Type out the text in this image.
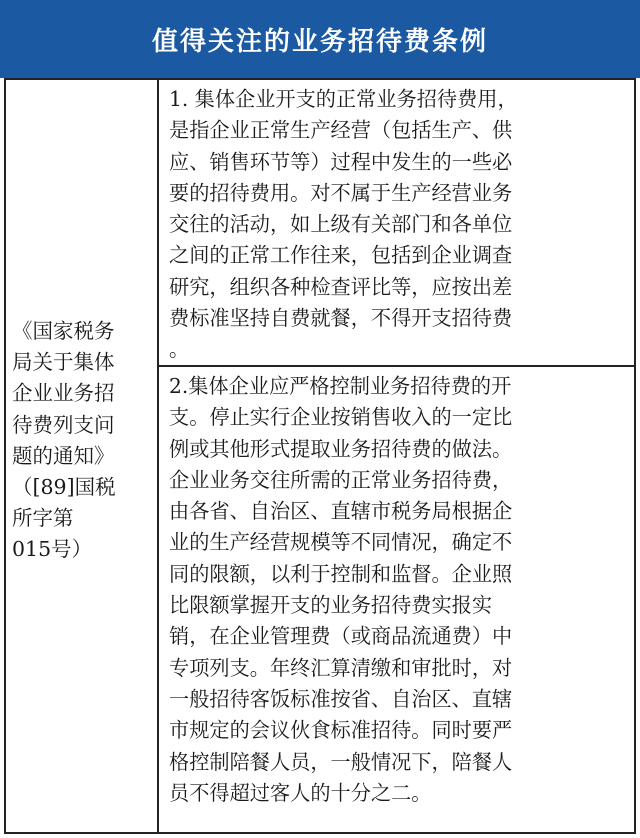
值得关注的业务招待费条例
《国家税务
局关于集体
企业业务招
待费列支问
题的通知》
（[89]国税
所字第
015号）
1. 集体企业开支的正常业务招待费用，
是指企业正常生产经营（包括生产、供
应、销售环节等）过程中发生的一些必
要的招待费用。对不属于生产经营业务
交往的活动，如上级有关部门和各单位
之间的正常工作往来，包括到企业调查
研究，组织各种检查评比等，应按出差
费标准坚持自费就餐，不得开支招待费
。
2.集体企业应严格控制业务招待费的开
支。停止实行企业按销售收入的一定比
例或其他形式提取业务招待费的做法。
企业业务交往所需的正常业务招待费，
由各省、自治区、直辖市税务局根据企
业的生产经营规模等不同情况，确定不
同的限额，以利于控制和监督。企业照
比限额掌握开支的业务招待费实报实
销，在企业管理费（或商品流通费）中
专项列支。年终汇算清缴和审批时，对
一般招待客饭标准按省、自治区、直辖
市规定的会议伙食标准招待。同时要严
格控制陪餐人员，一般情况下，陪餐人
员不得超过客人的十分之二。
